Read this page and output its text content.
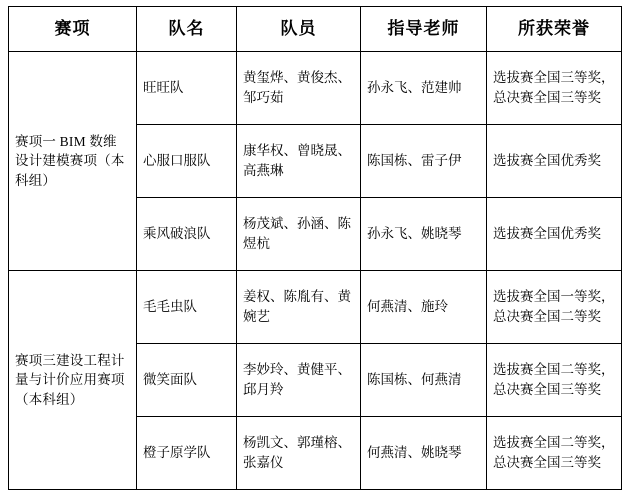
赛项	队名	队员	指导老师	所获荣誉
赛项一 BIM 数维设计建模赛项（本科组）	旺旺队	黄玺烨、黄俊杰、邹巧茹	孙永飞、范建帅	选拔赛全国三等奖，总决赛全国三等奖
	心服口服队	康华权、曾晓晟、高燕琳	陈国栋、雷子伊	选拔赛全国优秀奖
	乘风破浪队	杨茂斌、孙涵、陈煜杭	孙永飞、姚晓琴	选拔赛全国优秀奖
赛项三建设工程计量与计价应用赛项（本科组）	毛毛虫队	姜权、陈胤有、黄婉艺	何燕清、施玲	选拔赛全国一等奖，总决赛全国二等奖
	微笑面队	李妙玲、黄健平、邱月羚	陈国栋、何燕清	选拔赛全国二等奖，总决赛全国三等奖
	橙子原学队	杨凯文、郭瑾榕、张嘉仪	何燕清、姚晓琴	选拔赛全国二等奖，总决赛全国三等奖
